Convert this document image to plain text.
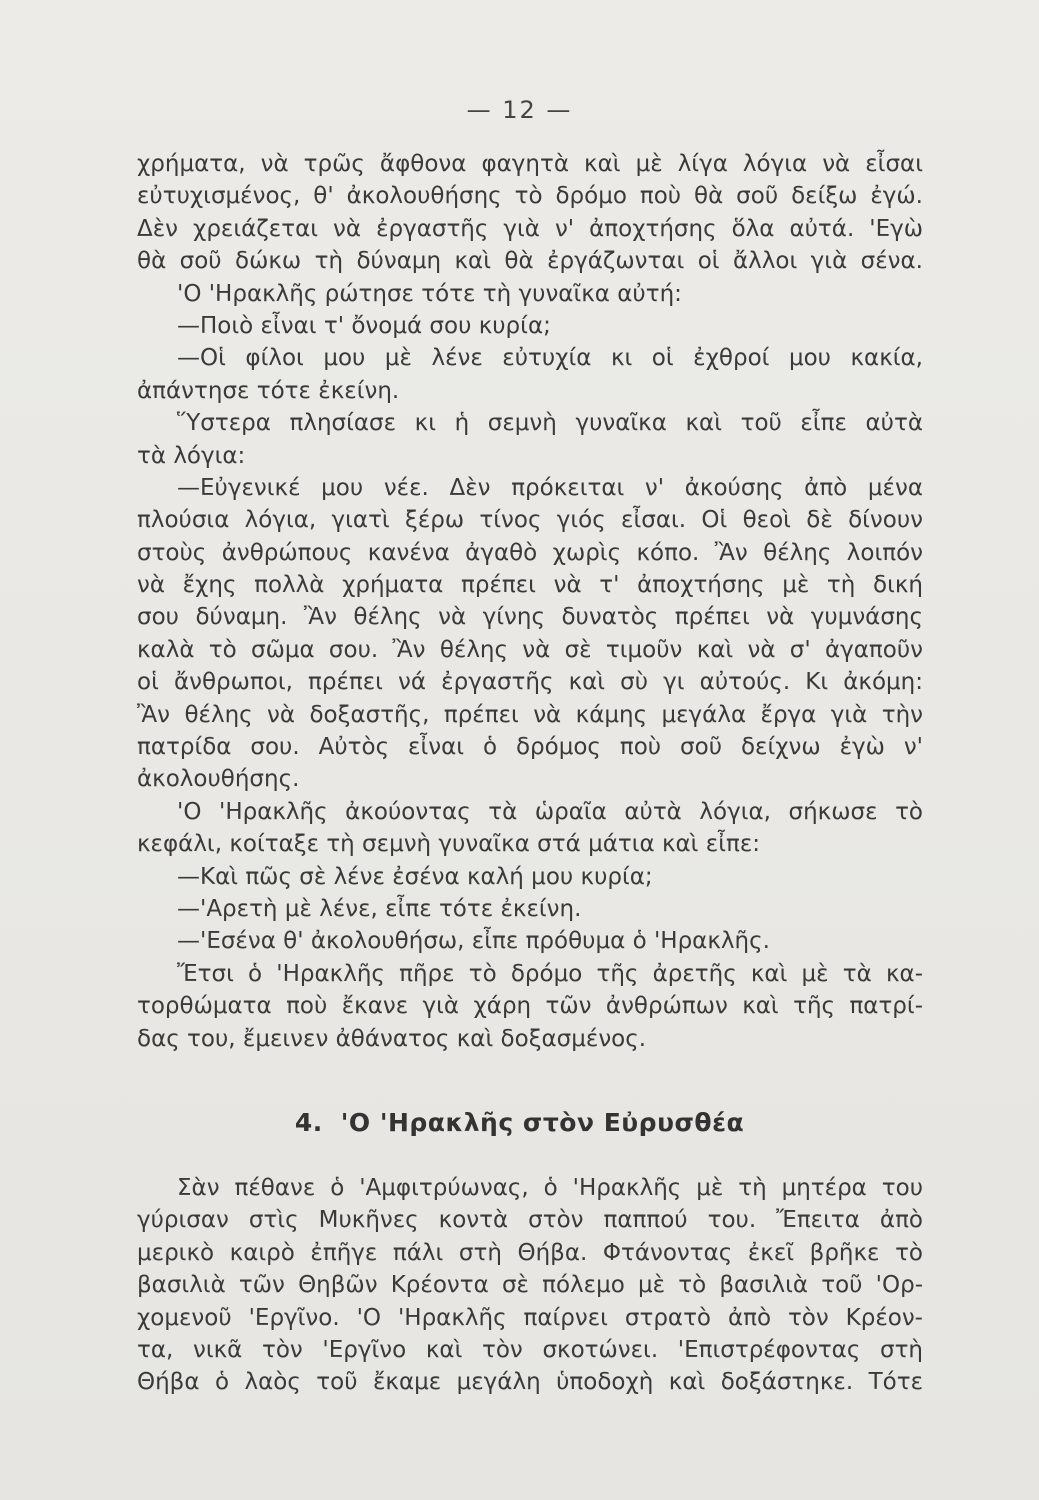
— 12 —
χρήματα, νὰ τρῶς ἄφθονα φαγητὰ καὶ μὲ λίγα λόγια νὰ εἶσαι
εὐτυχισμένος, θ' ἀκολουθήσης τὸ δρόμο ποὺ θὰ σοῦ δείξω ἐγώ.
Δὲν χρειάζεται νὰ ἐργαστῆς γιὰ ν' ἀποχτήσης ὅλα αὐτά. 'Εγὼ
θὰ σοῦ δώκω τὴ δύναμη καὶ θὰ ἐργάζωνται οἱ ἄλλοι γιὰ σένα.
'Ο 'Ηρακλῆς ρώτησε τότε τὴ γυναῖκα αὐτή:
—Ποιὸ εἶναι τ' ὄνομά σου κυρία;
—Οἱ φίλοι μου μὲ λένε εὐτυχία κι οἱ ἐχθροί μου κακία,
ἀπάντησε τότε ἐκείνη.
Ὕστερα πλησίασε κι ἡ σεμνὴ γυναῖκα καὶ τοῦ εἶπε αὐτὰ
τὰ λόγια:
—Εὐγενικέ μου νέε. Δὲν πρόκειται ν' ἀκούσης ἀπὸ μένα
πλούσια λόγια, γιατὶ ξέρω τίνος γιός εἶσαι. Οἱ θεοὶ δὲ δίνουν
στοὺς ἀνθρώπους κανένα ἀγαθὸ χωρὶς κόπο. Ἂν θέλης λοιπόν
νὰ ἔχης πολλὰ χρήματα πρέπει νὰ τ' ἀποχτήσης μὲ τὴ δική
σου δύναμη. Ἂν θέλης νὰ γίνης δυνατὸς πρέπει νὰ γυμνάσης
καλὰ τὸ σῶμα σου. Ἂν θέλης νὰ σὲ τιμοῦν καὶ νὰ σ' ἀγαποῦν
οἱ ἄνθρωποι, πρέπει νά ἐργαστῆς καὶ σὺ γι αὐτούς. Κι ἀκόμη:
Ἂν θέλης νὰ δοξαστῆς, πρέπει νὰ κάμης μεγάλα ἔργα γιὰ τὴν
πατρίδα σου. Αὐτὸς εἶναι ὁ δρόμος ποὺ σοῦ δείχνω ἐγὼ ν'
ἀκολουθήσης.
'Ο 'Ηρακλῆς ἀκούοντας τὰ ὡραῖα αὐτὰ λόγια, σήκωσε τὸ
κεφάλι, κοίταξε τὴ σεμνὴ γυναῖκα στά μάτια καὶ εἶπε:
—Καὶ πῶς σὲ λένε ἐσένα καλή μου κυρία;
—'Αρετὴ μὲ λένε, εἶπε τότε ἐκείνη.
—'Εσένα θ' ἀκολουθήσω, εἶπε πρόθυμα ὁ 'Ηρακλῆς.
Ἔτσι ὁ 'Ηρακλῆς πῆρε τὸ δρόμο τῆς ἀρετῆς καὶ μὲ τὰ κα-
τορθώματα ποὺ ἔκανε γιὰ χάρη τῶν ἀνθρώπων καὶ τῆς πατρί-
δας του, ἔμεινεν ἀθάνατος καὶ δοξασμένος.
4. 'Ο 'Ηρακλῆς στὸν Εὐρυσθέα
Σὰν πέθανε ὁ 'Αμφιτρύωνας, ὁ 'Ηρακλῆς μὲ τὴ μητέρα του
γύρισαν στὶς Μυκῆνες κοντὰ στὸν παππού του. Ἔπειτα ἀπὸ
μερικὸ καιρὸ ἐπῆγε πάλι στὴ Θήβα. Φτάνοντας ἐκεῖ βρῆκε τὸ
βασιλιὰ τῶν Θηβῶν Κρέοντα σὲ πόλεμο μὲ τὸ βασιλιὰ τοῦ 'Ορ-
χομενοῦ 'Εργῖνο. 'Ο 'Ηρακλῆς παίρνει στρατὸ ἀπὸ τὸν Κρέον-
τα, νικᾶ τὸν 'Εργῖνο καὶ τὸν σκοτώνει. 'Επιστρέφοντας στὴ
Θήβα ὁ λαὸς τοῦ ἔκαμε μεγάλη ὑποδοχὴ καὶ δοξάστηκε. Τότε
